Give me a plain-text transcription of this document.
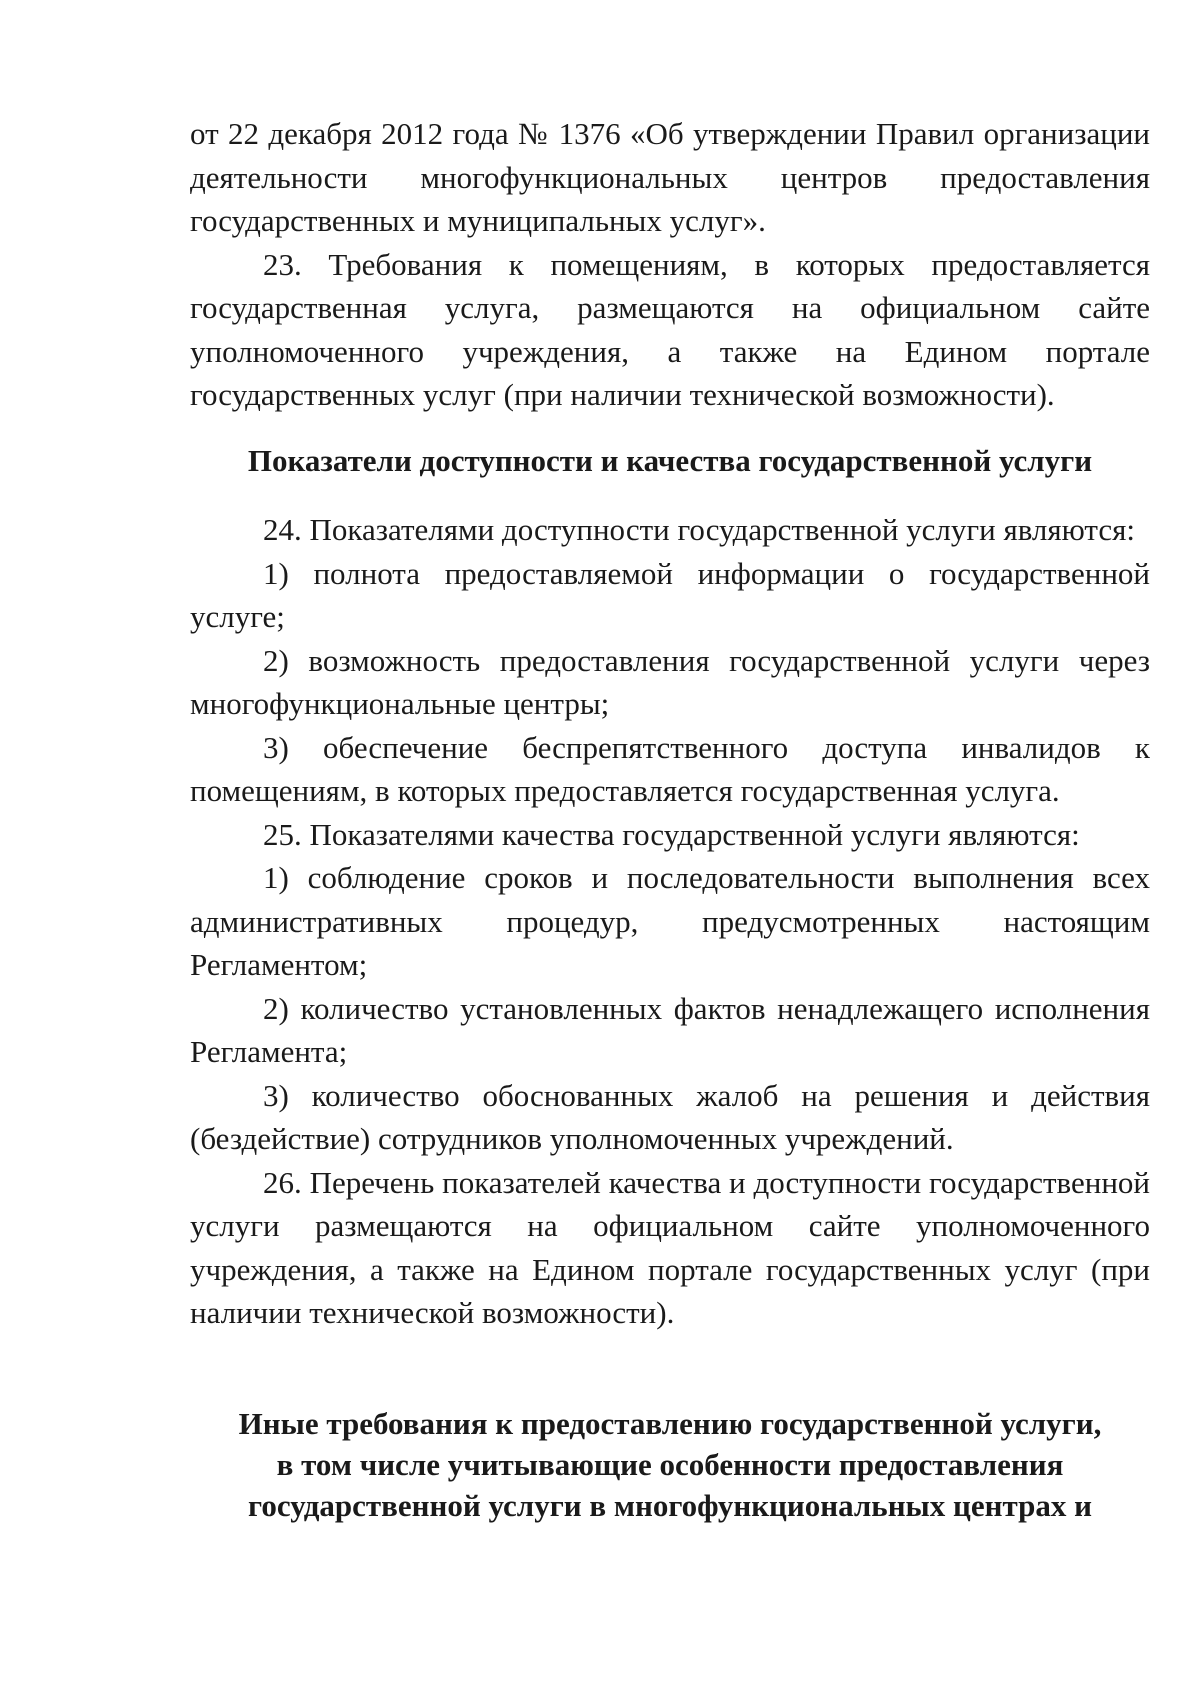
от 22 декабря 2012 года № 1376 «Об утверждении Правил организации деятельности многофункциональных центров предоставления государственных и муниципальных услуг».

23. Требования к помещениям, в которых предоставляется государственная услуга, размещаются на официальном сайте уполномоченного учреждения, а также на Едином портале государственных услуг (при наличии технической возможности).

Показатели доступности и качества государственной услуги

24. Показателями доступности государственной услуги являются:

1) полнота предоставляемой информации о государственной услуге;

2) возможность предоставления государственной услуги через многофункциональные центры;

3) обеспечение беспрепятственного доступа инвалидов к помещениям, в которых предоставляется государственная услуга.

25. Показателями качества государственной услуги являются:

1) соблюдение сроков и последовательности выполнения всех административных процедур, предусмотренных настоящим Регламентом;

2) количество установленных фактов ненадлежащего исполнения Регламента;

3) количество обоснованных жалоб на решения и действия (бездействие) сотрудников уполномоченных учреждений.

26. Перечень показателей качества и доступности государственной услуги размещаются на официальном сайте уполномоченного учреждения, а также на Едином портале государственных услуг (при наличии технической возможности).

Иные требования к предоставлению государственной услуги,
в том числе учитывающие особенности предоставления
государственной услуги в многофункциональных центрах и
